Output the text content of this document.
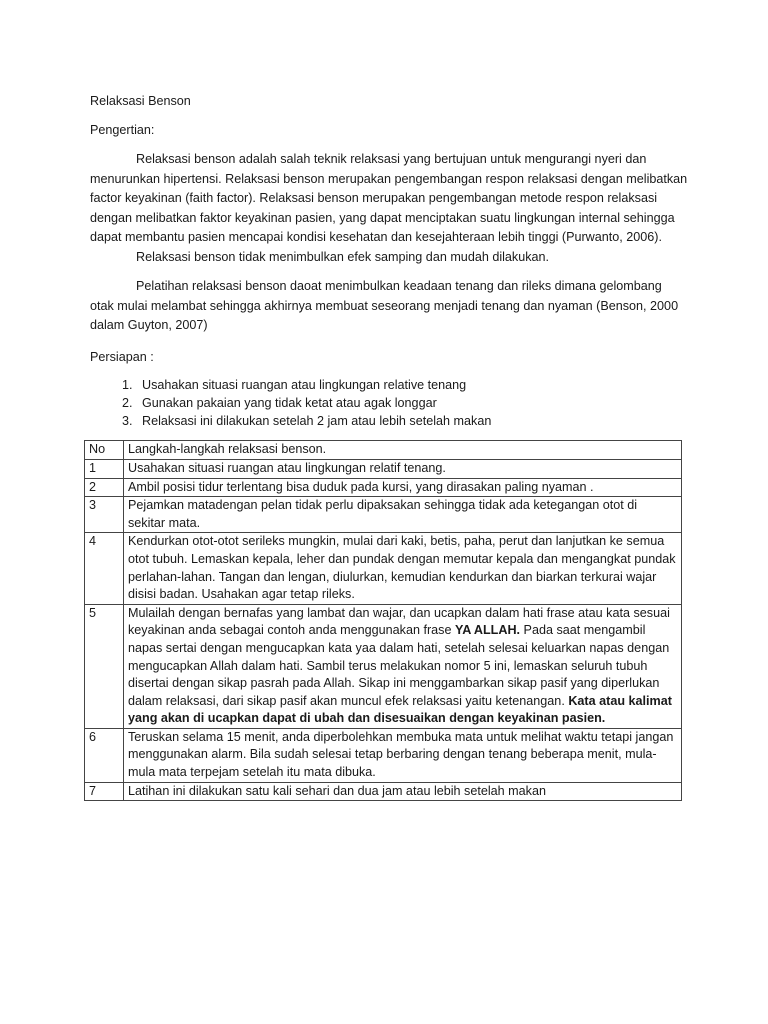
Relaksasi Benson

Pengertian:

Relaksasi benson adalah salah teknik relaksasi yang bertujuan untuk mengurangi nyeri dan menurunkan hipertensi. Relaksasi benson merupakan pengembangan respon relaksasi dengan melibatkan factor keyakinan (faith factor). Relaksasi benson merupakan pengembangan metode respon relaksasi dengan melibatkan faktor keyakinan pasien, yang dapat menciptakan suatu lingkungan internal sehingga dapat membantu pasien mencapai kondisi kesehatan dan kesejahteraan lebih tinggi (Purwanto, 2006).

Relaksasi benson tidak menimbulkan efek samping dan mudah dilakukan.

Pelatihan relaksasi benson daoat menimbulkan keadaan tenang dan rileks dimana gelombang otak mulai melambat sehingga akhirnya membuat seseorang menjadi tenang dan nyaman (Benson, 2000 dalam Guyton, 2007)

Persiapan :

1. Usahakan situasi ruangan atau lingkungan relative tenang
2. Gunakan pakaian yang tidak ketat atau agak longgar
3. Relaksasi ini dilakukan setelah 2 jam atau lebih setelah makan
No	Langkah-langkah relaksasi benson.
1	Usahakan situasi ruangan atau lingkungan relatif tenang.
2	Ambil posisi tidur terlentang bisa duduk pada kursi, yang dirasakan paling nyaman .
3	Pejamkan matadengan pelan tidak perlu dipaksakan sehingga tidak ada ketegangan otot di sekitar mata.
4	Kendurkan otot-otot serileks mungkin, mulai dari kaki, betis, paha, perut dan lanjutkan ke semua otot tubuh. Lemaskan kepala, leher dan pundak dengan memutar kepala dan mengangkat pundak perlahan-lahan. Tangan dan lengan, diulurkan, kemudian kendurkan dan biarkan terkurai wajar disisi badan. Usahakan agar tetap rileks.
5	Mulailah dengan bernafas yang lambat dan wajar, dan ucapkan dalam hati frase atau kata sesuai keyakinan anda sebagai contoh anda menggunakan frase YA ALLAH. Pada saat mengambil napas sertai dengan mengucapkan kata yaa dalam hati, setelah selesai keluarkan napas dengan mengucapkan Allah dalam hati. Sambil terus melakukan nomor 5 ini, lemaskan seluruh tubuh disertai dengan sikap pasrah pada Allah. Sikap ini menggambarkan sikap pasif yang diperlukan dalam relaksasi, dari sikap pasif akan muncul efek relaksasi yaitu ketenangan. Kata atau kalimat yang akan di ucapkan dapat di ubah dan disesuaikan dengan keyakinan pasien.
6	Teruskan selama 15 menit, anda diperbolehkan membuka mata untuk melihat waktu tetapi jangan menggunakan alarm. Bila sudah selesai tetap berbaring dengan tenang beberapa menit, mula-mula mata terpejam setelah itu mata dibuka.
7	Latihan ini dilakukan satu kali sehari dan dua jam atau lebih setelah makan
